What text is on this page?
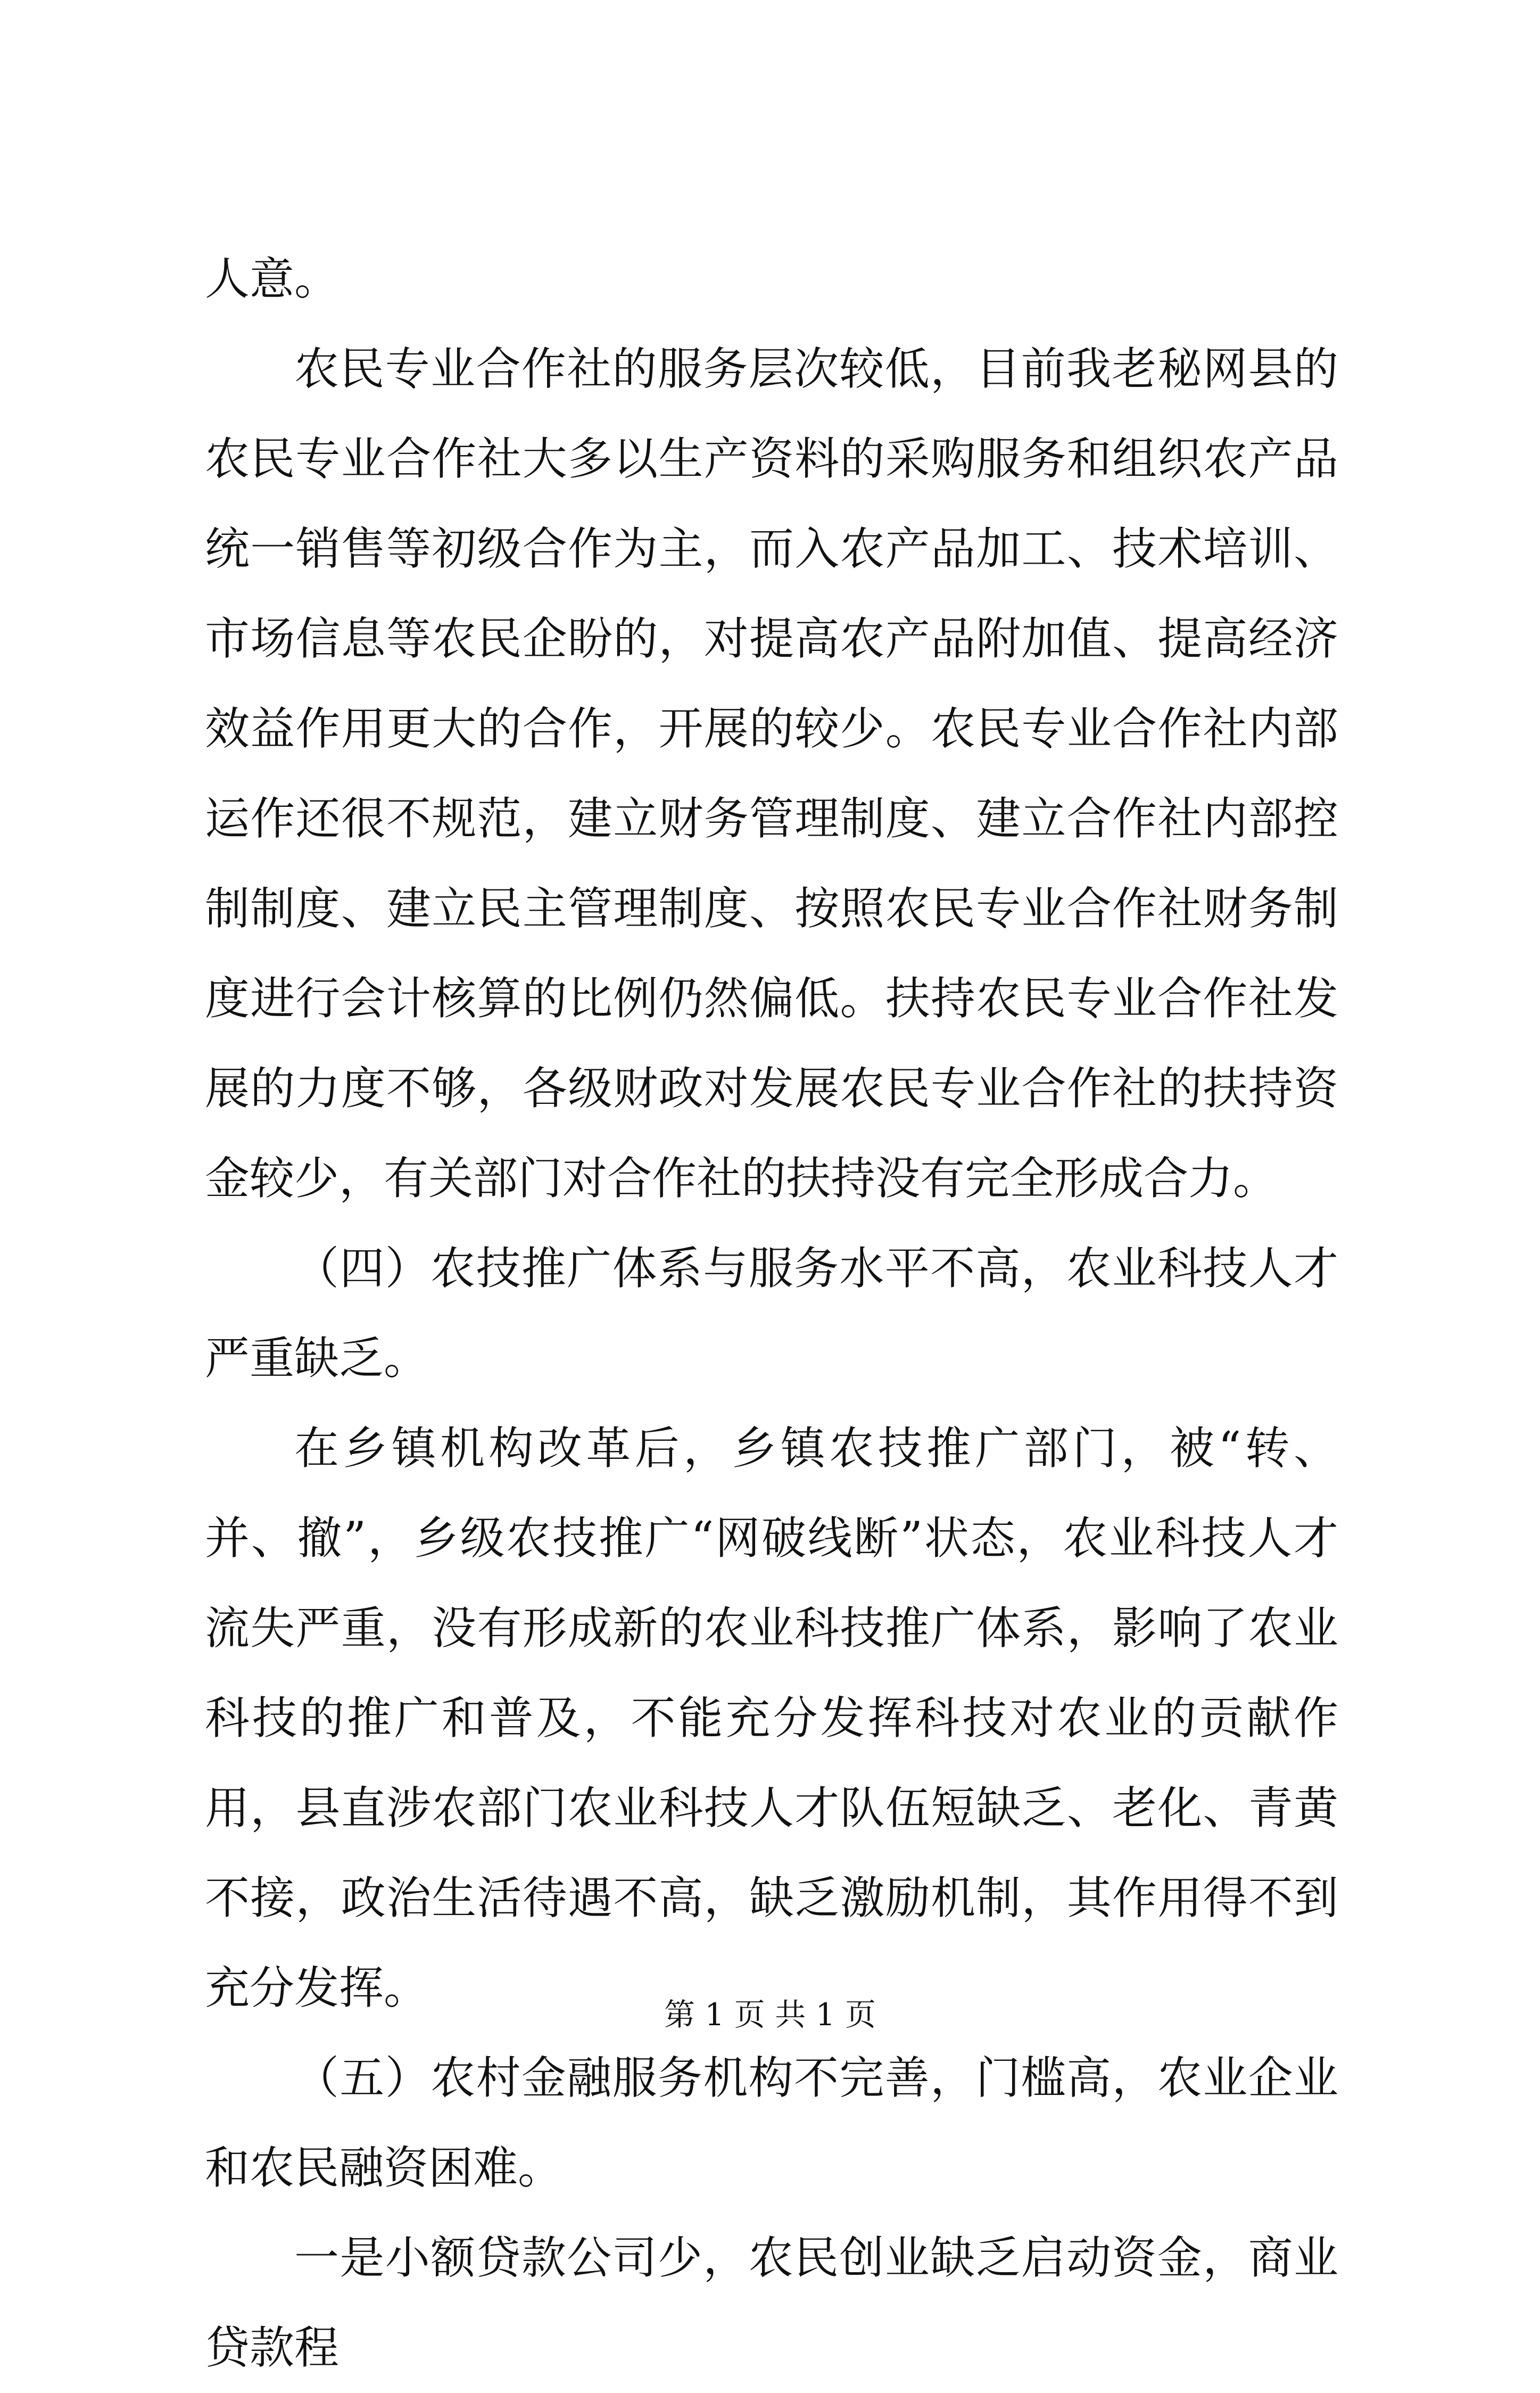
人意。

农民专业合作社的服务层次较低，目前我老秘网县的农民专业合作社大多以生产资料的采购服务和组织农产品统一销售等初级合作为主，而入农产品加工、技术培训、市场信息等农民企盼的，对提高农产品附加值、提高经济效益作用更大的合作，开展的较少。农民专业合作社内部运作还很不规范，建立财务管理制度、建立合作社内部控制制度、建立民主管理制度、按照农民专业合作社财务制度进行会计核算的比例仍然偏低。扶持农民专业合作社发展的力度不够，各级财政对发展农民专业合作社的扶持资金较少，有关部门对合作社的扶持没有完全形成合力。

（四）农技推广体系与服务水平不高，农业科技人才严重缺乏。

在乡镇机构改革后，乡镇农技推广部门，被“转、并、撤”，乡级农技推广“网破线断”状态，农业科技人才流失严重，没有形成新的农业科技推广体系，影响了农业科技的推广和普及，不能充分发挥科技对农业的贡献作用，县直涉农部门农业科技人才队伍短缺乏、老化、青黄不接，政治生活待遇不高，缺乏激励机制，其作用得不到充分发挥。

（五）农村金融服务机构不完善，门槛高，农业企业和农民融资困难。

一是小额贷款公司少，农民创业缺乏启动资金，商业贷款程

第 1 页 共 1 页
